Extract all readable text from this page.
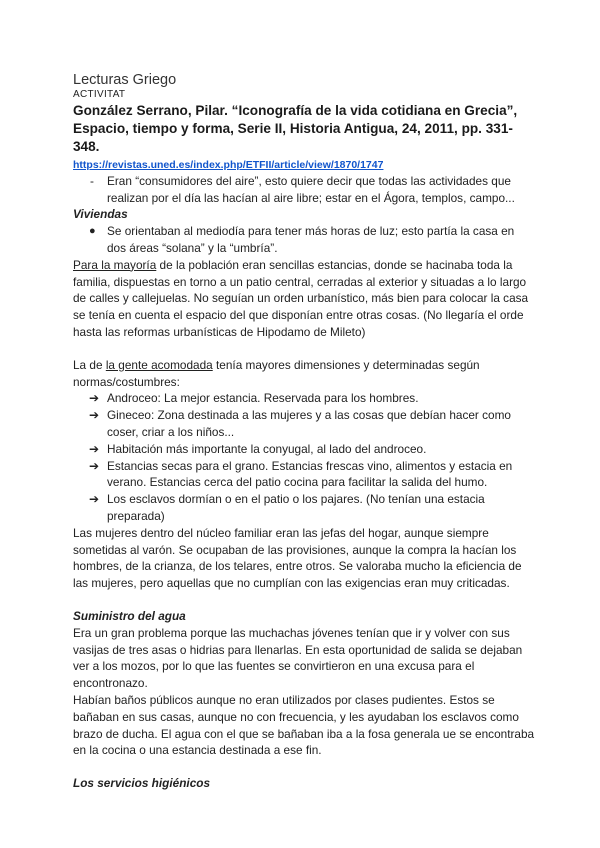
Lecturas Griego
ACTIVITAT
González Serrano, Pilar. “Iconografía de la vida cotidiana en Grecia”, Espacio, tiempo y forma, Serie II, Historia Antigua, 24, 2011, pp. 331-348.
https://revistas.uned.es/index.php/ETFII/article/view/1870/1747
- Eran “consumidores del aire”, esto quiere decir que todas las actividades que realizan por el día las hacían al aire libre; estar en el Ágora, templos, campo...
Viviendas
● Se orientaban al mediodía para tener más horas de luz; esto partía la casa en dos áreas “solana” y la “umbría”.
Para la mayoría de la población eran sencillas estancias, donde se hacinaba toda la familia, dispuestas en torno a un patio central, cerradas al exterior y situadas a lo largo de calles y callejuelas. No seguían un orden urbanístico, más bien para colocar la casa se tenía en cuenta el espacio del que disponían entre otras cosas. (No llegaría el orde hasta las reformas urbanísticas de Hipodamo de Mileto)
La de la gente acomodada tenía mayores dimensiones y determinadas según normas/costumbres:
➔ Androceo: La mejor estancia. Reservada para los hombres.
➔ Gineceo: Zona destinada a las mujeres y a las cosas que debían hacer como coser, criar a los niños...
➔ Habitación más importante la conyugal, al lado del androceo.
➔ Estancias secas para el grano. Estancias frescas vino, alimentos y estacia en verano. Estancias cerca del patio cocina para facilitar la salida del humo.
➔ Los esclavos dormían o en el patio o los pajares. (No tenían una estacia preparada)
Las mujeres dentro del núcleo familiar eran las jefas del hogar, aunque siempre sometidas al varón. Se ocupaban de las provisiones, aunque la compra la hacían los hombres, de la crianza, de los telares, entre otros. Se valoraba mucho la eficiencia de las mujeres, pero aquellas que no cumplían con las exigencias eran muy criticadas.
Suministro del agua
Era un gran problema porque las muchachas jóvenes tenían que ir y volver con sus vasijas de tres asas o hidrias para llenarlas. En esta oportunidad de salida se dejaban ver a los mozos, por lo que las fuentes se convirtieron en una excusa para el encontronazo.
Habían baños públicos aunque no eran utilizados por clases pudientes. Estos se bañaban en sus casas, aunque no con frecuencia, y les ayudaban los esclavos como brazo de ducha. El agua con el que se bañaban iba a la fosa generala ue se encontraba en la cocina o una estancia destinada a ese fin.
Los servicios higiénicos
